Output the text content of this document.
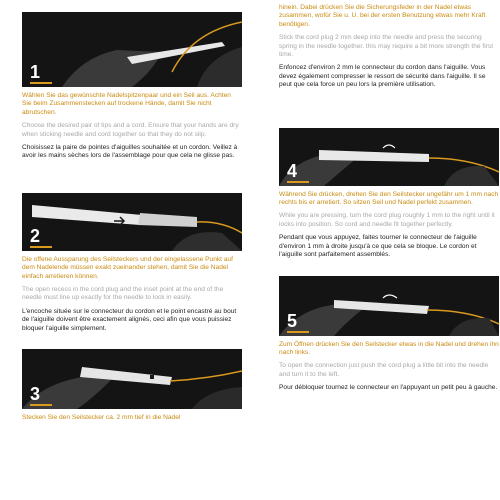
1

Wählen Sie das gewünschte Nadelspitzenpaar und ein Seil aus. Achten Sie beim Zusammenstecken auf trockene Hände, damit Sie nicht abrutschen.

Choose the desired pair of tips and a cord. Ensure that your hands are dry when sticking needle and cord together so that they do not slip.

Choisissez la paire de pointes d'aiguilles souhaitée et un cordon. Veillez à avoir les mains sèches lors de l'assemblage pour que cela ne glisse pas.

2

Die offene Aussparung des Seilsteckers und der eingelassene Punkt auf dem Nadelende müssen exakt zueinander stehen, damit Sie die Nadel einfach arretieren können.

The open recess in the cord plug and the inset point at the end of the needle must line up exactly for the needle to lock in easily.

L'encoche située sur le connecteur du cordon et le point encastré au bout de l'aiguille doivent être exactement alignés, ceci afin que vous puissiez bloquer l'aiguille simplement.

3

Stecken Sie den Seilstecker ca. 2 mm tief in die Nadel

hinein. Dabei drücken Sie die Sicherungsfeder in der Nadel etwas zusammen, wofür Sie u. U. bei der ersten Benutzung etwas mehr Kraft benötigen.

Stick the cord plug 2 mm deep into the needle and press the securing spring in the needle together. this may require a bit more strength the first time.

Enfoncez d'environ 2 mm le connecteur du cordon dans l'aiguille. Vous devez également compresser le ressort de sécurité dans l'aiguille. Il se peut que cela force un peu lors la première utilisation.

4

Während Sie drücken, drehen Sie den Seilstecker ungefähr um 1 mm nach rechts bis er arretiert. So sitzen Seil und Nadel perfekt zusammen.

While you are pressing, turn the cord plug roughly 1 mm to the right until it locks into position. So cord and needle fit together perfectly.

Pendant que vous appuyez, faites tourner le connecteur de l'aiguille d'environ 1 mm à droite jusqu'à ce que cela se bloque. Le cordon et l'aiguille sont parfaitement assemblés.

5

Zum Öffnen drücken Sie den Seilstecker etwas in die Nadel und drehen ihn nach links.

To open the connection just push the cord plug a little bit into the needle and turn it to the left.

Pour débloquer tournez le connecteur en l'appuyant un petit peu à gauche.
